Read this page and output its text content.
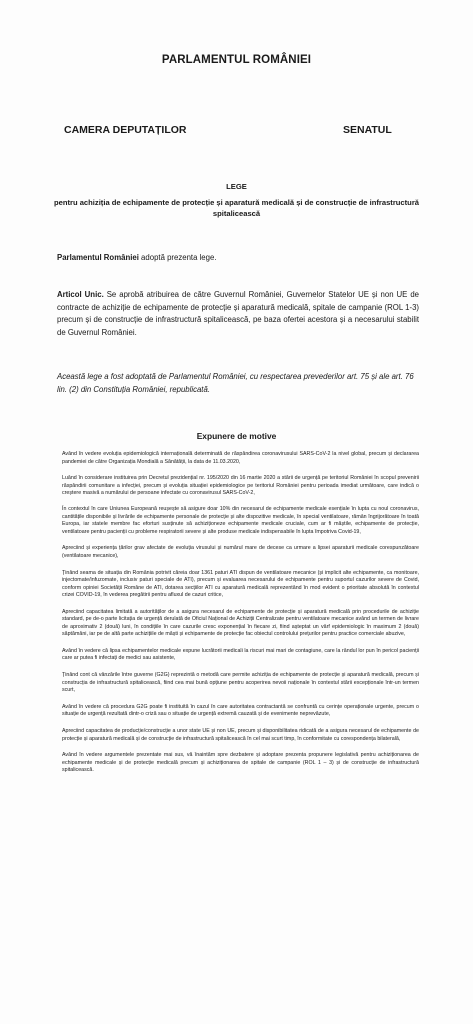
PARLAMENTUL ROMÂNIEI
CAMERA DEPUTAȚILOR	SENATUL
LEGE
pentru achiziția de echipamente de protecție și aparatură medicală și de construcție de infrastructură spitalicească
Parlamentul României adoptă prezenta lege.
Articol Unic. Se aprobă atribuirea de către Guvernul României, Guvernelor Statelor UE și non UE de contracte de achiziție de echipamente de protecție și aparatură medicală, spitale de campanie (ROL 1-3) precum și de construcție de infrastructură spitalicească, pe baza ofertei acestora și a necesarului stabilit de Guvernul României.
Această lege a fost adoptată de Parlamentul României, cu respectarea prevederilor art. 75 și ale art. 76 lin. (2) din Constituția României, republicată.
Expunere de motive

Având în vedere evoluția epidemiologică internațională determinată de răspândirea coronavirusului SARS-CoV-2 la nivel global, precum și declararea pandemiei de către Organizația Mondială a Sănătății, la data de 11.03.2020,

Luând în considerare instituirea prin Decretul prezidențial nr. 195/2020 din 16 martie 2020 a stării de urgență pe teritoriul României în scopul prevenirii răspândirii comunitare a infecției, precum și evoluția situației epidemiologice pe teritoriul României pentru perioada imediat următoare, care indică o creștere masivă a numărului de persoane infectate cu coronavirusul SARS-CoV-2,

În contextul în care Uniunea Europeană reușește să asigure doar 10% din necesarul de echipamente medicale esențiale în lupta cu noul coronavirus, cantitățile disponibile și livrările de echipamente personale de protecție și alte dispozitive medicale, în special ventilatoare, rămân îngrijorătoare în toată Europa, iar statele membre fac eforturi susținute să achiziționeze echipamente medicale cruciale, cum ar fi măștile, echipamente de protecție, ventilatoare pentru pacienții cu probleme respiratorii severe și alte produse medicale indispensabile în lupta împotriva Covid-19,

Apreciind și experiența țărilor grav afectate de evoluția virusului și numărul mare de decese ca urmare a lipsei aparaturii medicale corespunzătoare (ventilatoare mecanice),

Ținând seama de situația din România potrivit căreia doar 1361 paturi ATI dispun de ventilatoare mecanice (și implicit alte echipamente, ca monitoare, injectomate/infuzomate, inclusiv paturi speciale de ATI), precum și evaluarea necesarului de echipamente pentru suportul cazurilor severe de Covid, conform opiniei Societății Române de ATI, dotarea secțiilor ATI cu aparatură medicală reprezentând în mod evident o prioritate absolută în contextul crizei COVID-19, în vederea pregătirii pentru afluxul de cazuri critice,

Apreciind capacitatea limitată a autorităților de a asigura necesarul de echipamente de protecție și aparatură medicală prin procedurile de achiziție standard, pe de-o parte licitația de urgență derulată de Oficiul Național de Achiziții Centralizate pentru ventilatoare mecanice având un termen de livrare de aproximativ 2 (două) luni, în condițiile în care cazurile cresc exponențial în fiecare zi, fiind așteptat un vârf epidemiologic în maximum 2 (două) săptămâni, iar pe de altă parte achizițiile de măști și echipamente de protecție fac obiectul controlului prețurilor pentru practice comerciale abuzive,

Având în vedere că lipsa echipamentelor medicale expune lucrătorii medicali la riscuri mai mari de contagiune, care la rândul lor pun în pericol pacienții care ar putea fi infectați de medici sau asistente,

Ținând cont că vânzările între guverne (G2G) reprezintă o metodă care permite achiziția de echipamente de protecție și aparatură medicală, precum și construcția de infrastructură spitalicească, fiind cea mai bună opțiune pentru acoperirea nevoii naționale în contextul stării excepționale într-un termen scurt,

Având în vedere că procedura G2G poate fi instituită în cazul în care autoritatea contractantă se confruntă cu cerințe operaționale urgente, precum o situație de urgență rezultată dintr-o criză sau o situație de urgență extremă cauzată și de evenimente neprevăzute,

Apreciind capacitatea de producție/construcție a unor state UE și non UE, precum și disponibilitatea ridicată de a asigura necesarul de echipamente de protecție și aparatură medicală și de construcție de infrastructură spitalicească în cel mai scurt timp, în conformitate cu corespondența bilaterală,

Având în vedere argumentele prezentate mai sus, vă înaintăm spre dezbatere și adoptare prezenta propunere legislativă pentru achiziționarea de echipamente medicale și de protecție medicală precum și achiziționarea de spitale de campanie (ROL 1 – 3) și de construcție de infrastructură spitalicească.
